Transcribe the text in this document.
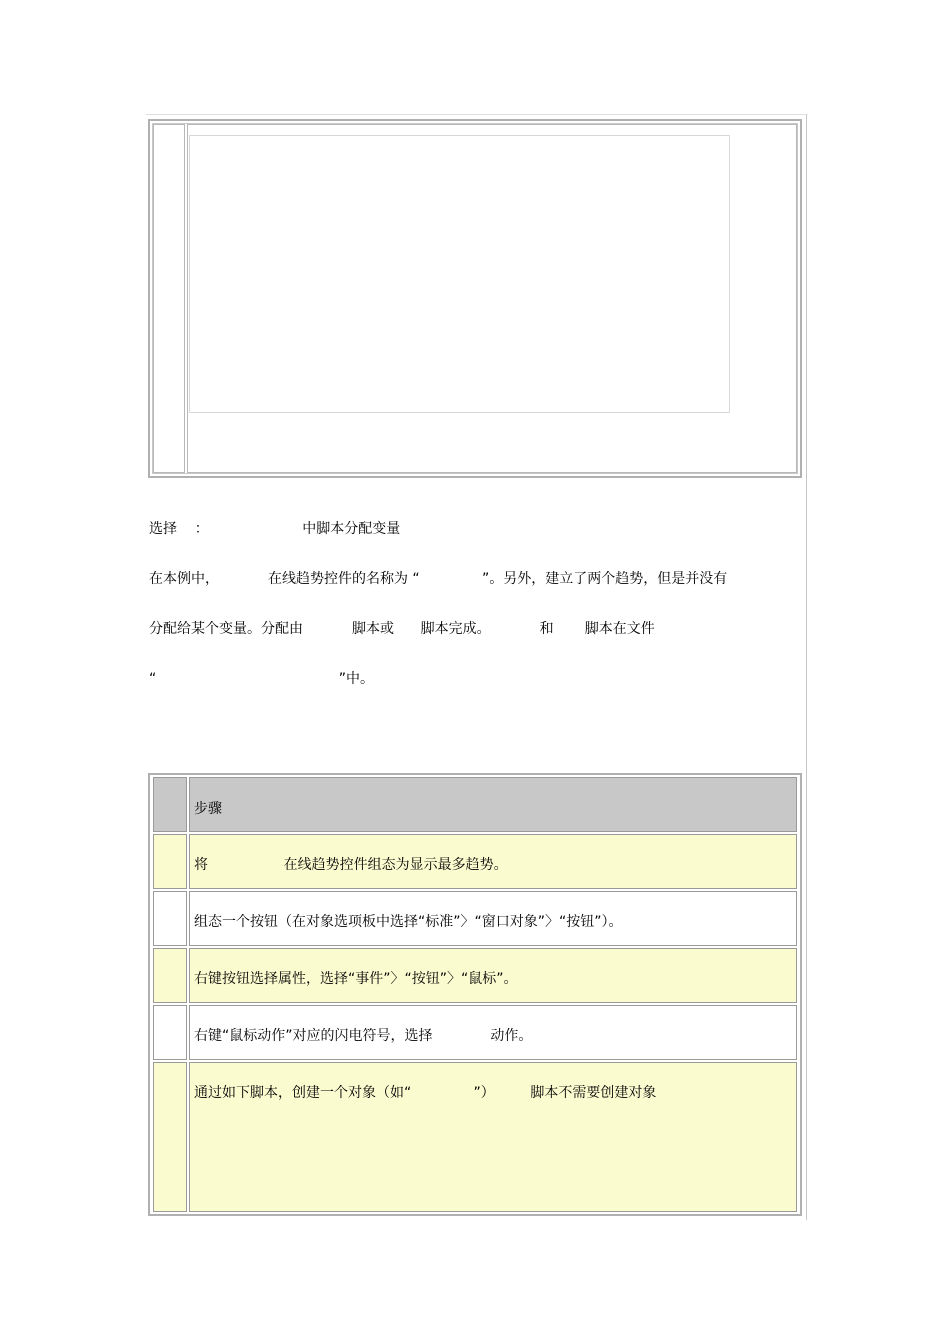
选择    ：                     中脚本分配变量
在本例中，           在线趋势控件的名称为 “              ”。另外，建立了两个趋势，但是并没有
分配给某个变量。分配由           脚本或      脚本完成。           和       脚本在文件
“                                         ”中。
步骤
将                 在线趋势控件组态为显示最多趋势。
组态一个按钮（在对象选项板中选择“标准”〉“窗口对象”〉“按钮”）。
右键按钮选择属性，选择“事件”〉“按钮”〉“鼠标”。
右键“鼠标动作”对应的闪电符号，选择             动作。
通过如下脚本，创建一个对象（如“              ”）        脚本不需要创建对象
